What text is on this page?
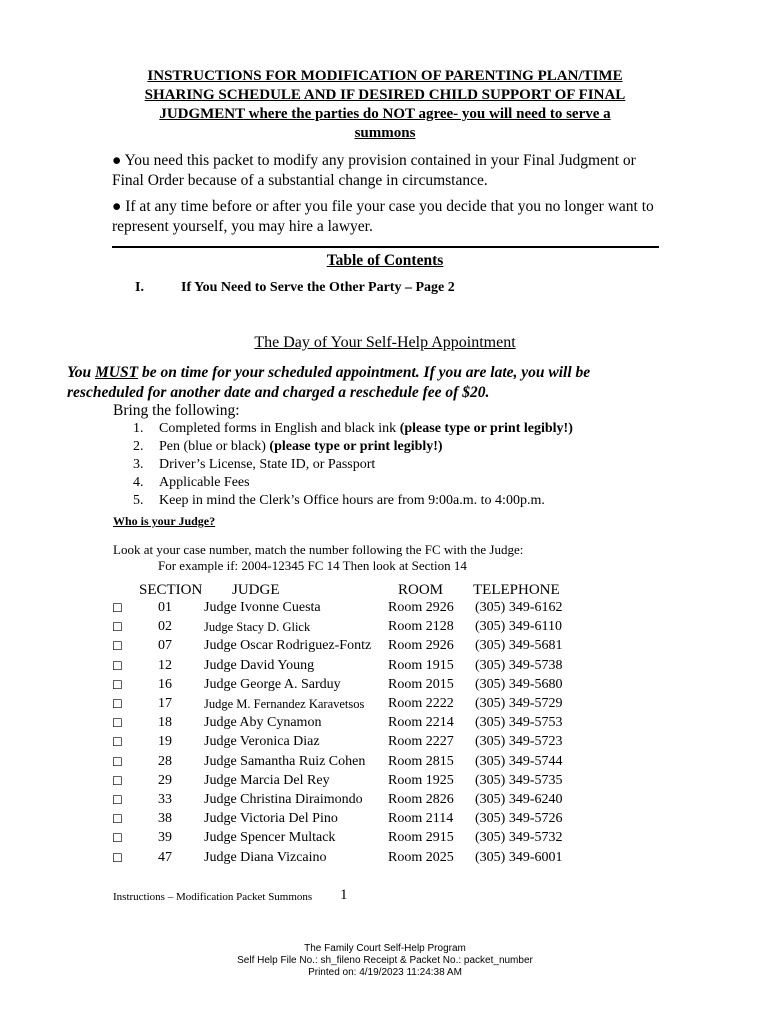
INSTRUCTIONS FOR MODIFICATION OF PARENTING PLAN/TIME
SHARING SCHEDULE AND IF DESIRED CHILD SUPPORT OF FINAL
JUDGMENT where the parties do NOT agree- you will need to serve a
summons
● You need this packet to modify any provision contained in your Final Judgment or Final Order because of a substantial change in circumstance.
● If at any time before or after you file your case you decide that you no longer want to represent yourself, you may hire a lawyer.
Table of Contents
I.	If You Need to Serve the Other Party – Page 2
The Day of Your Self-Help Appointment
You MUST be on time for your scheduled appointment. If you are late, you will be rescheduled for another date and charged a reschedule fee of $20.
Bring the following:
1. Completed forms in English and black ink (please type or print legibly!)
2. Pen (blue or black) (please type or print legibly!)
3. Driver’s License, State ID, or Passport
4. Applicable Fees
5. Keep in mind the Clerk’s Office hours are from 9:00a.m. to 4:00p.m.
Who is your Judge?
Look at your case number, match the number following the FC with the Judge:
For example if: 2004-12345 FC 14 Then look at Section 14
SECTION JUDGE	ROOM TELEPHONE
☐	01 Judge Ivonne Cuesta	Room 2926 (305) 349-6162
☐	02	Judge Stacy D. Glick	Room 2128 (305) 349-6110
☐	07 Judge Oscar Rodriguez-Fontz Room 2926 (305) 349-5681
☐	12 Judge David Young	Room 1915 (305) 349-5738
☐	16 Judge George A. Sarduy	Room 2015 (305) 349-5680
☐	17	Judge M. Fernandez Karavetsos Room 2222 (305) 349-5729
☐	18 Judge Aby Cynamon	Room 2214 (305) 349-5753
☐	19 Judge Veronica Diaz	Room 2227 (305) 349-5723
☐	28 Judge Samantha Ruiz Cohen Room 2815 (305) 349-5744
☐	29 Judge Marcia Del Rey	Room 1925 (305) 349-5735
☐	33 Judge Christina Diraimondo Room 2826 (305) 349-6240
☐	38 Judge Victoria Del Pino	Room 2114 (305) 349-5726
☐	39 Judge Spencer Multack	Room 2915 (305) 349-5732
☐	47 Judge Diana Vizcaino	Room 2025 (305) 349-6001
Instructions – Modification Packet Summons 1
The Family Court Self-Help Program
Self Help File No.: sh_fileno Receipt & Packet No.: packet_number
Printed on: 4/19/2023 11:24:38 AM
